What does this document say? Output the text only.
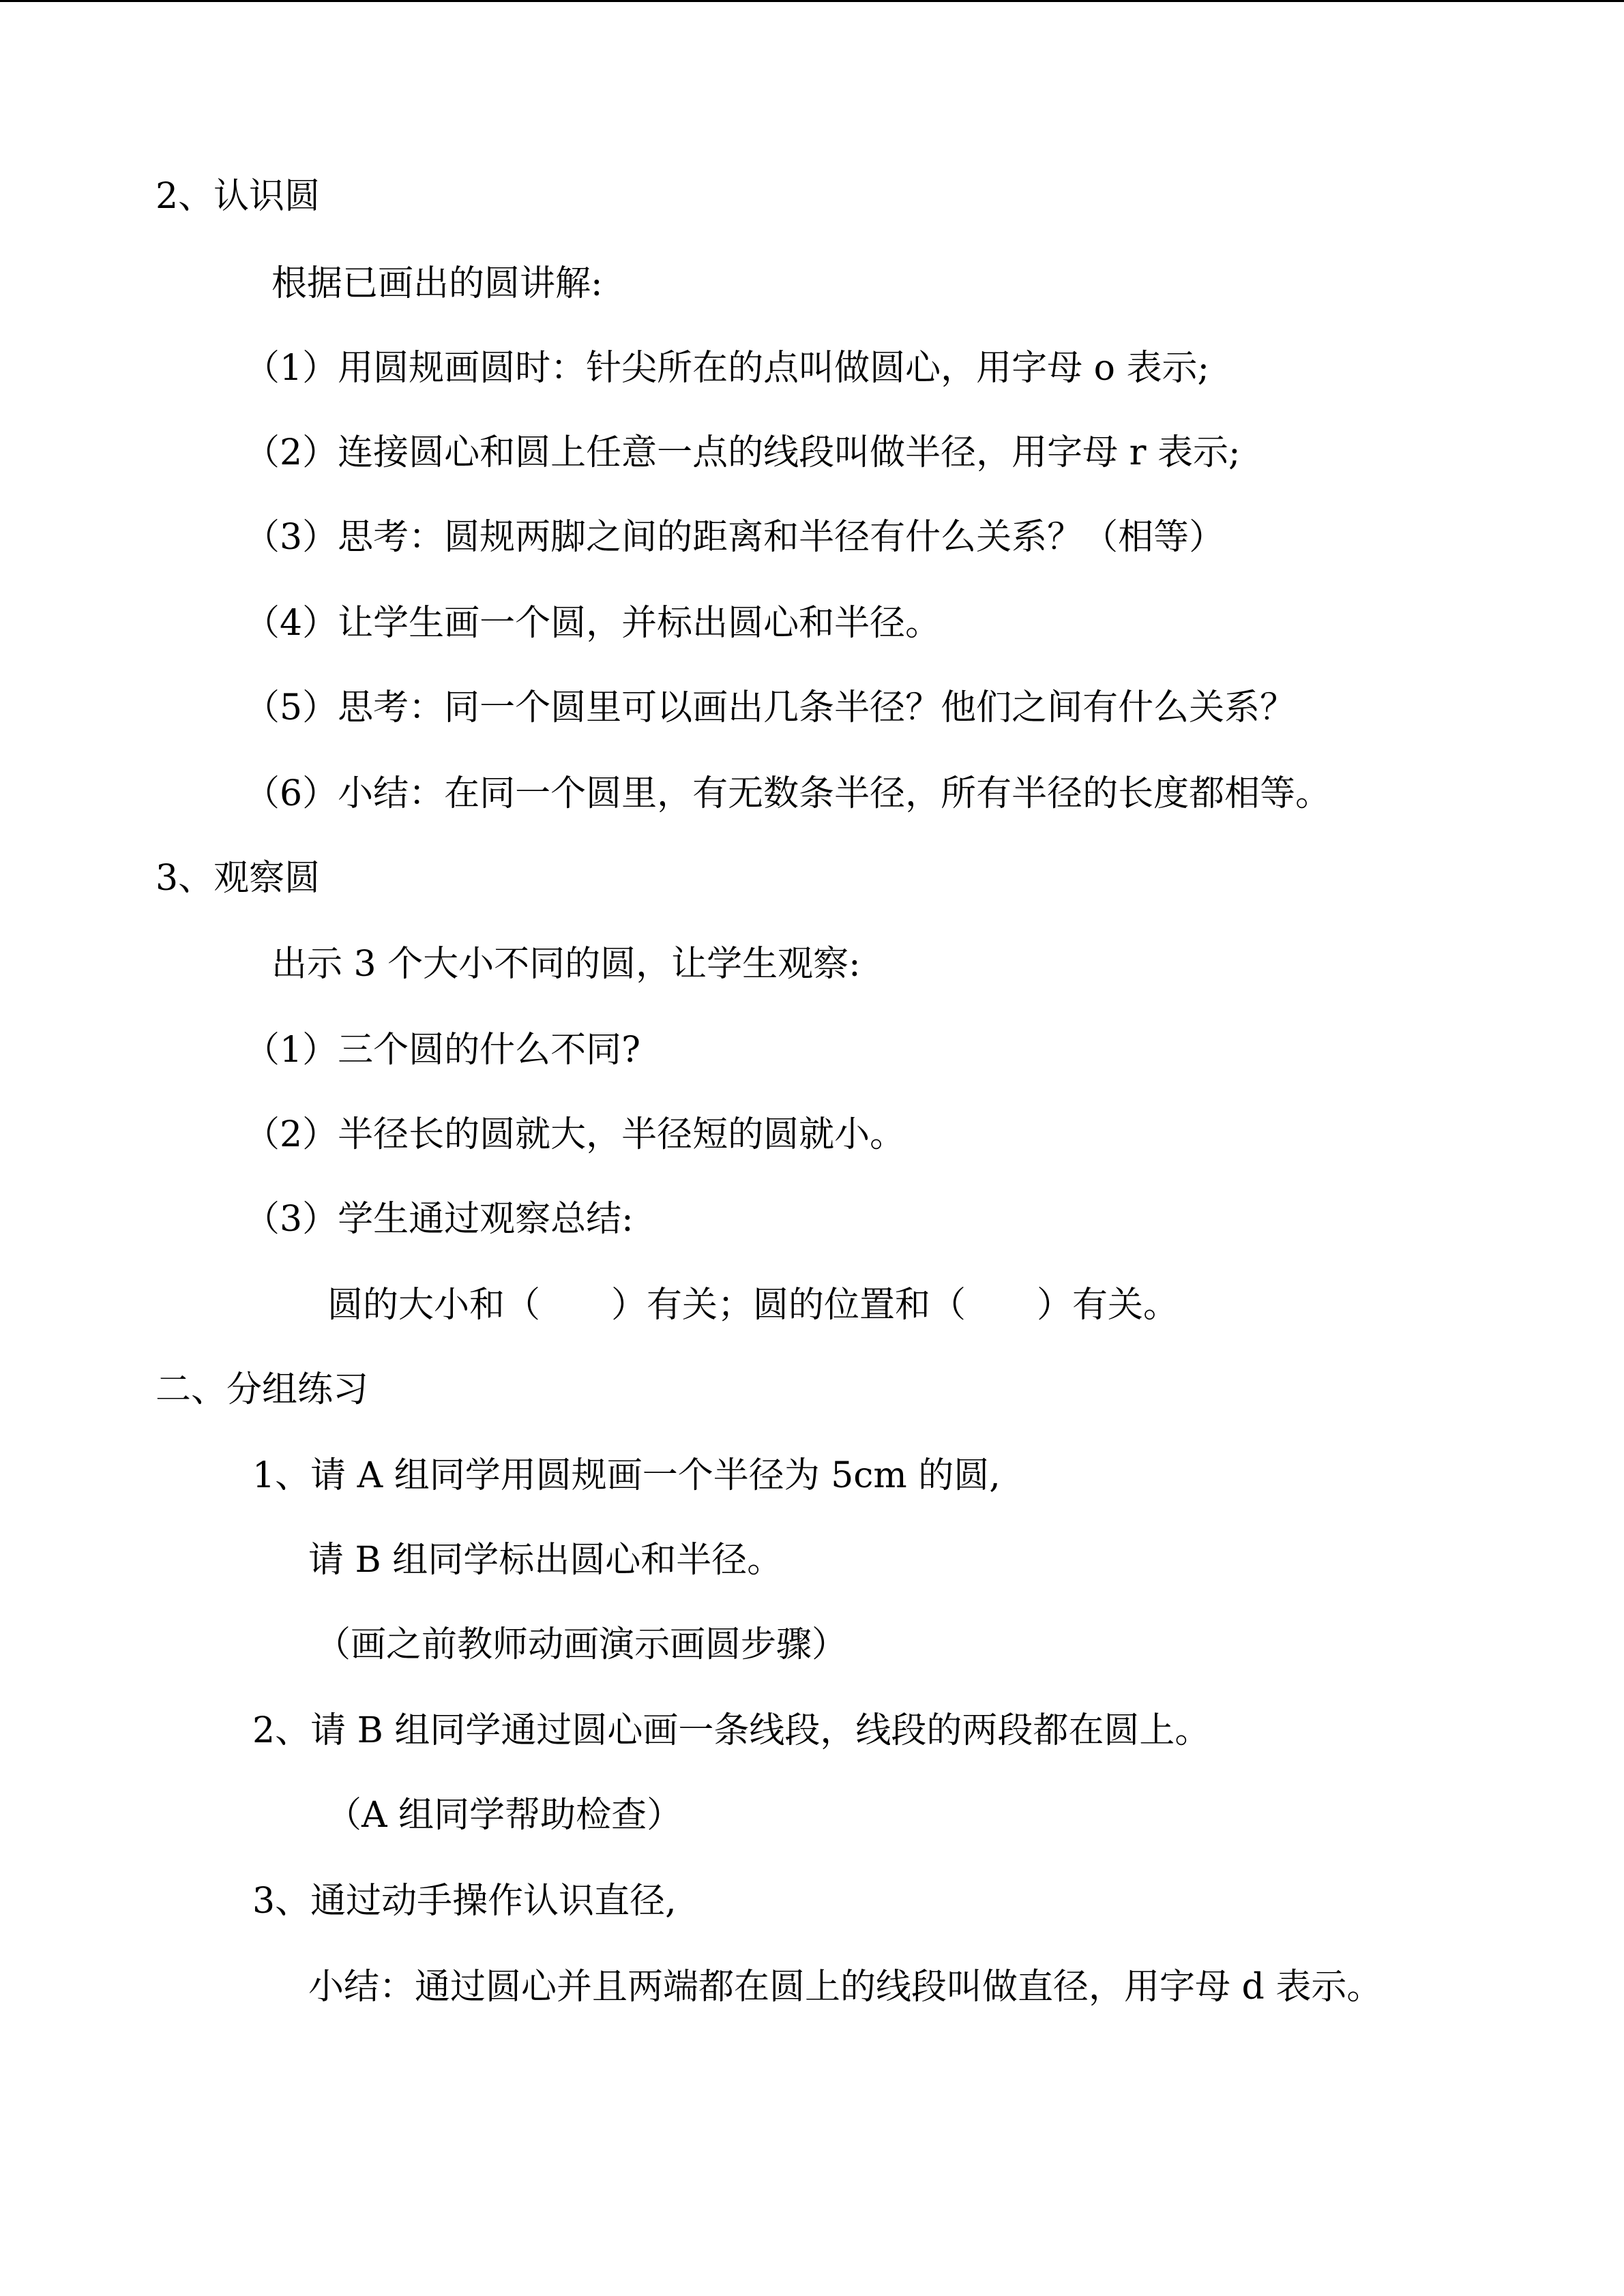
2、认识圆
根据已画出的圆讲解:
（1）用圆规画圆时：针尖所在的点叫做圆心，用字母 o 表示;
（2）连接圆心和圆上任意一点的线段叫做半径，用字母 r 表示;
（3）思考：圆规两脚之间的距离和半径有什么关系？（相等）
（4）让学生画一个圆，并标出圆心和半径。
（5）思考：同一个圆里可以画出几条半径？他们之间有什么关系？
（6）小结：在同一个圆里，有无数条半径，所有半径的长度都相等。
3、观察圆
出示 3 个大小不同的圆，让学生观察:
（1）三个圆的什么不同?
（2）半径长的圆就大，半径短的圆就小。
（3）学生通过观察总结:
圆的大小和（　　）有关；圆的位置和（　　）有关。
二、分组练习
1、请 A 组同学用圆规画一个半径为 5cm 的圆,
请 B 组同学标出圆心和半径。
（画之前教师动画演示画圆步骤）
2、请 B 组同学通过圆心画一条线段，线段的两段都在圆上。
（A 组同学帮助检查）
3、通过动手操作认识直径,
小结：通过圆心并且两端都在圆上的线段叫做直径，用字母 d 表示。
